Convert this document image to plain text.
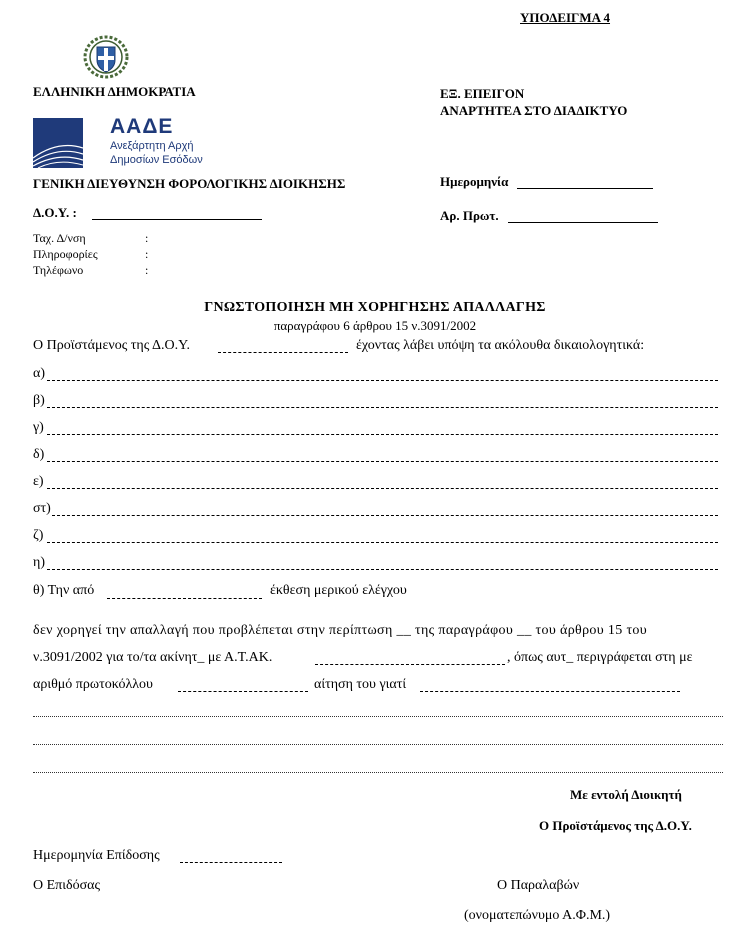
ΥΠΟΔΕΙΓΜΑ 4
ΕΛΛΗΝΙΚΗ ΔΗΜΟΚΡΑΤΙΑ	ΕΞ. ΕΠΕΙΓΟΝ
ΑΝΑΡΤΗΤΕΑ ΣΤΟ ΔΙΑΔΙΚΤΥΟ
ΑΑΔΕ
Ανεξάρτητη Αρχή
Δημοσίων Εσόδων
ΓΕΝΙΚΗ ΔΙΕΥΘΥΝΣΗ ΦΟΡΟΛΟΓΙΚΗΣ ΔΙΟΙΚΗΣΗΣ	Ημερομηνία
Αρ. Πρωτ.
Δ.Ο.Υ. :
Ταχ. Δ/νση	:
Πληροφορίες	:
Τηλέφωνο	:
ΓΝΩΣΤΟΠΟΙΗΣΗ ΜΗ ΧΟΡΗΓΗΣΗΣ ΑΠΑΛΛΑΓΗΣ
παραγράφου 6 άρθρου 15 ν.3091/2002
Ο Προϊστάμενος της Δ.Ο.Υ.	έχοντας λάβει υπόψη τα ακόλουθα δικαιολογητικά:
α)
β)
γ)
δ)
ε)
στ)
ζ)
η)
θ) Την από	έκθεση μερικού ελέγχου
δεν χορηγεί την απαλλαγή που προβλέπεται στην περίπτωση __ της παραγράφου __ του άρθρου 15 του
ν.3091/2002 για το/τα ακίνητ_ με Α.Τ.ΑΚ.	, όπως αυτ_ περιγράφεται στη με
αριθμό πρωτοκόλλου	αίτηση του γιατί
Με εντολή Διοικητή
Ο Προϊστάμενος της Δ.Ο.Υ.
Ημερομηνία Επίδοσης
Ο Επιδόσας	Ο Παραλαβών
(ονοματεπώνυμο Α.Φ.Μ.)
